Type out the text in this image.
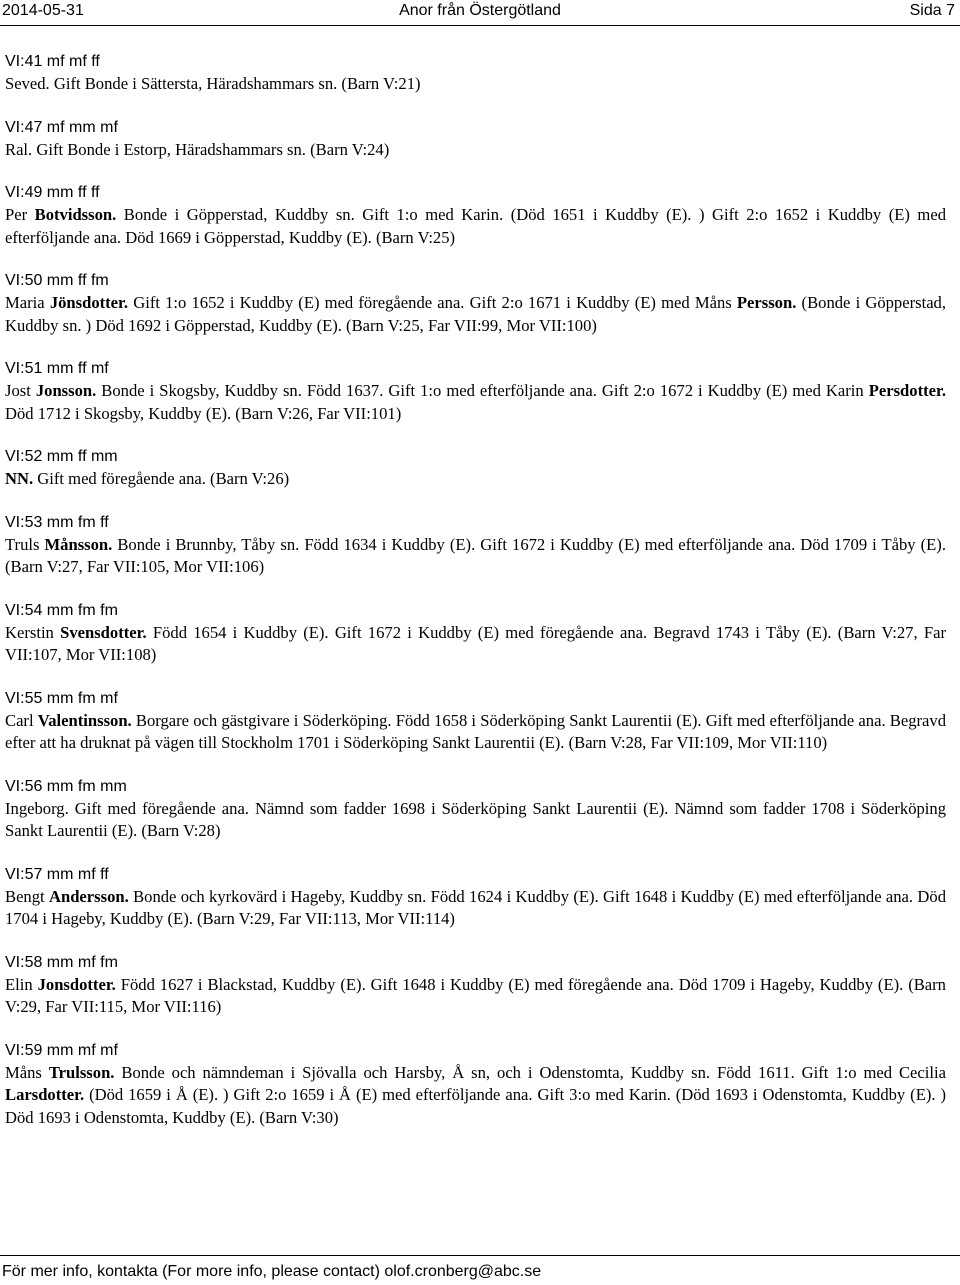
2014-05-31	Anor från Östergötland	Sida 7
VI:41 mf mf ff
Seved. Gift Bonde i Sättersta, Häradshammars sn. (Barn V:21)
VI:47 mf mm mf
Ral. Gift Bonde i Estorp, Häradshammars sn. (Barn V:24)
VI:49 mm ff ff
Per Botvidsson. Bonde i Göpperstad, Kuddby sn. Gift 1:o med Karin. (Död 1651 i Kuddby (E). ) Gift 2:o 1652 i Kuddby (E) med efterföljande ana. Död 1669 i Göpperstad, Kuddby (E). (Barn V:25)
VI:50 mm ff fm
Maria Jönsdotter. Gift 1:o 1652 i Kuddby (E) med föregående ana. Gift 2:o 1671 i Kuddby (E) med Måns Persson. (Bonde i Göpperstad, Kuddby sn. ) Död 1692 i Göpperstad, Kuddby (E). (Barn V:25, Far VII:99, Mor VII:100)
VI:51 mm ff mf
Jost Jonsson. Bonde i Skogsby, Kuddby sn. Född 1637. Gift 1:o med efterföljande ana. Gift 2:o 1672 i Kuddby (E) med Karin Persdotter. Död 1712 i Skogsby, Kuddby (E). (Barn V:26, Far VII:101)
VI:52 mm ff mm
NN. Gift med föregående ana. (Barn V:26)
VI:53 mm fm ff
Truls Månsson. Bonde i Brunnby, Tåby sn. Född 1634 i Kuddby (E). Gift 1672 i Kuddby (E) med efterföljande ana. Död 1709 i Tåby (E). (Barn V:27, Far VII:105, Mor VII:106)
VI:54 mm fm fm
Kerstin Svensdotter. Född 1654 i Kuddby (E). Gift 1672 i Kuddby (E) med föregående ana. Begravd 1743 i Tåby (E). (Barn V:27, Far VII:107, Mor VII:108)
VI:55 mm fm mf
Carl Valentinsson. Borgare och gästgivare i Söderköping. Född 1658 i Söderköping Sankt Laurentii (E). Gift med efterföljande ana. Begravd efter att ha druknat på vägen till Stockholm 1701 i Söderköping Sankt Laurentii (E). (Barn V:28, Far VII:109, Mor VII:110)
VI:56 mm fm mm
Ingeborg. Gift med föregående ana. Nämnd som fadder 1698 i Söderköping Sankt Laurentii (E). Nämnd som fadder 1708 i Söderköping Sankt Laurentii (E). (Barn V:28)
VI:57 mm mf ff
Bengt Andersson. Bonde och kyrkovärd i Hageby, Kuddby sn. Född 1624 i Kuddby (E). Gift 1648 i Kuddby (E) med efterföljande ana. Död 1704 i Hageby, Kuddby (E). (Barn V:29, Far VII:113, Mor VII:114)
VI:58 mm mf fm
Elin Jonsdotter. Född 1627 i Blackstad, Kuddby (E). Gift 1648 i Kuddby (E) med föregående ana. Död 1709 i Hageby, Kuddby (E). (Barn V:29, Far VII:115, Mor VII:116)
VI:59 mm mf mf
Måns Trulsson. Bonde och nämndeman i Sjövalla och Harsby, Å sn, och i Odenstomta, Kuddby sn. Född 1611. Gift 1:o med Cecilia Larsdotter. (Död 1659 i Å (E). ) Gift 2:o 1659 i Å (E) med efterföljande ana. Gift 3:o med Karin. (Död 1693 i Odenstomta, Kuddby (E). ) Död 1693 i Odenstomta, Kuddby (E). (Barn V:30)
För mer info, kontakta (For more info, please contact) olof.cronberg@abc.se
